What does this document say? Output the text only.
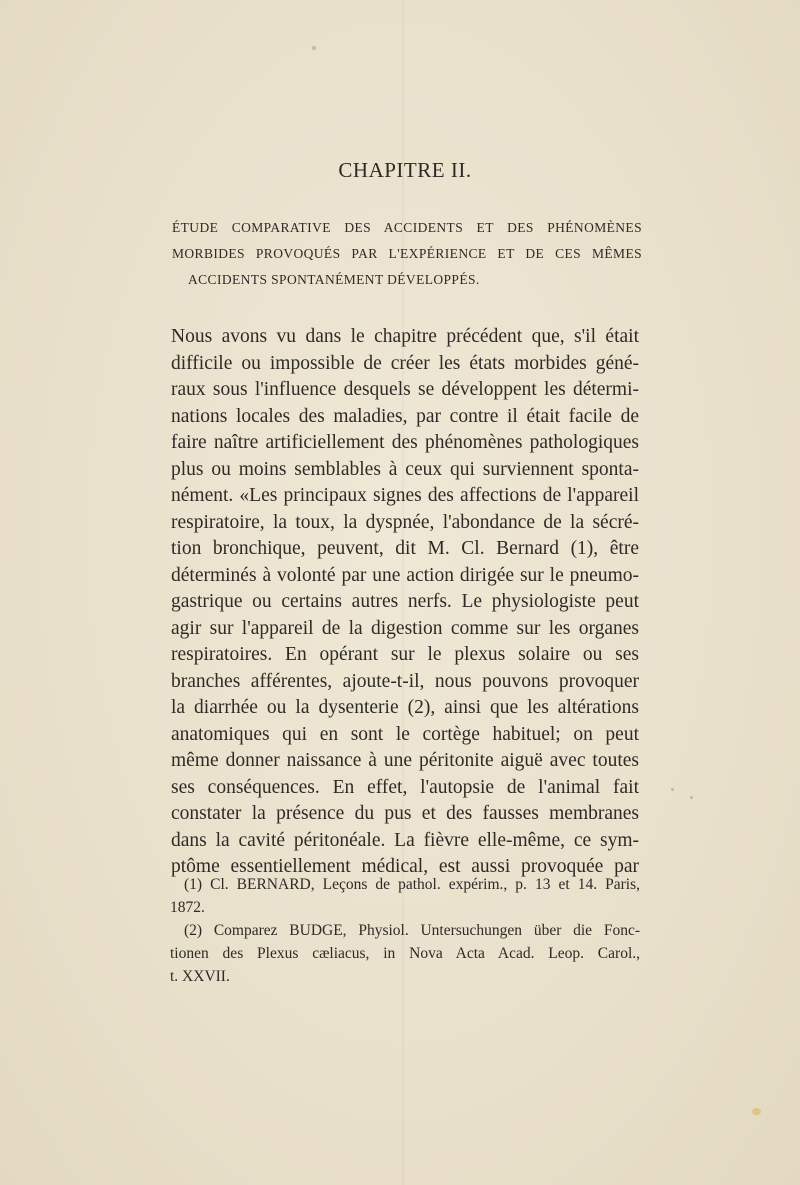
CHAPITRE II.
ÉTUDE COMPARATIVE DES ACCIDENTS ET DES PHÉNOMÈNES
MORBIDES PROVOQUÉS PAR L'EXPÉRIENCE ET DE CES MÊMES
ACCIDENTS SPONTANÉMENT DÉVELOPPÉS.
Nous avons vu dans le chapitre précédent que, s'il était
difficile ou impossible de créer les états morbides géné-
raux sous l'influence desquels se développent les détermi-
nations locales des maladies, par contre il était facile de
faire naître artificiellement des phénomènes pathologiques
plus ou moins semblables à ceux qui surviennent sponta-
nément. «Les principaux signes des affections de l'appareil
respiratoire, la toux, la dyspnée, l'abondance de la sécré-
tion bronchique, peuvent, dit M. Cl. Bernard (1), être
déterminés à volonté par une action dirigée sur le pneumo-
gastrique ou certains autres nerfs. Le physiologiste peut
agir sur l'appareil de la digestion comme sur les organes
respiratoires. En opérant sur le plexus solaire ou ses
branches afférentes, ajoute-t-il, nous pouvons provoquer
la diarrhée ou la dysenterie (2), ainsi que les altérations
anatomiques qui en sont le cortège habituel; on peut
même donner naissance à une péritonite aiguë avec toutes
ses conséquences. En effet, l'autopsie de l'animal fait
constater la présence du pus et des fausses membranes
dans la cavité péritonéale. La fièvre elle-même, ce sym-
ptôme essentiellement médical, est aussi provoquée par
(1) Cl. BERNARD, Leçons de pathol. expérim., p. 13 et 14. Paris,
1872.
(2) Comparez BUDGE, Physiol. Untersuchungen über die Fonc-
tionen des Plexus cæliacus, in Nova Acta Acad. Leop. Carol.,
t. XXVII.
